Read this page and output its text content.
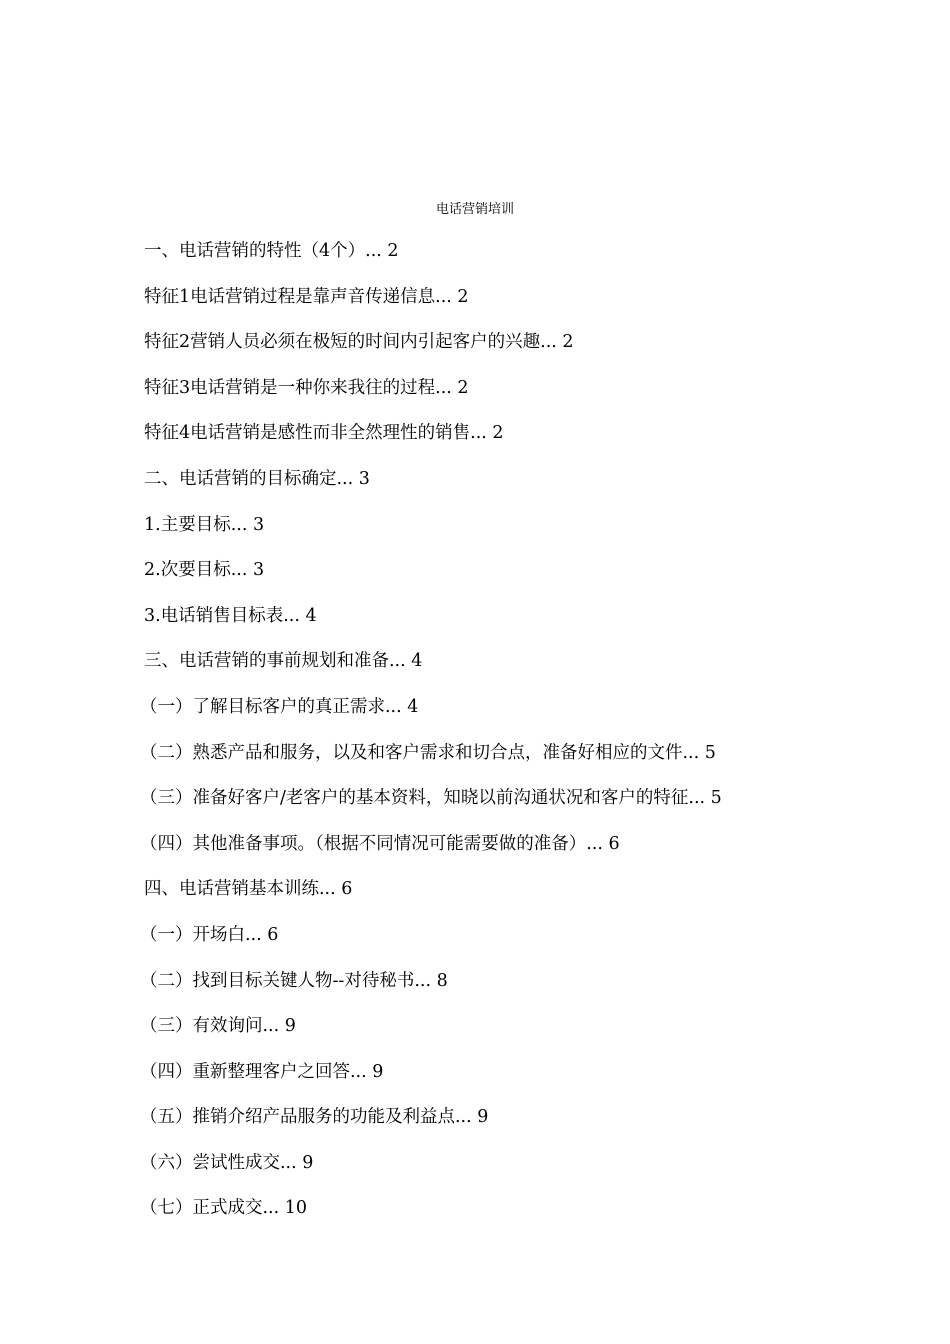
电话营销培训
一、电话营销的特性（4个）... 2
特征1电话营销过程是靠声音传递信息... 2
特征2营销人员必须在极短的时间内引起客户的兴趣... 2
特征3电话营销是一种你来我往的过程... 2
特征4电话营销是感性而非全然理性的销售... 2
二、电话营销的目标确定... 3
1.主要目标... 3
2.次要目标... 3
3.电话销售目标表... 4
三、电话营销的事前规划和准备... 4
（一）了解目标客户的真正需求... 4
（二）熟悉产品和服务，以及和客户需求和切合点，准备好相应的文件... 5
（三）准备好客户/老客户的基本资料，知晓以前沟通状况和客户的特征... 5
（四）其他准备事项。（根据不同情况可能需要做的准备）... 6
四、电话营销基本训练... 6
（一）开场白... 6
（二）找到目标关键人物--对待秘书... 8
（三）有效询问... 9
（四）重新整理客户之回答... 9
（五）推销介绍产品服务的功能及利益点... 9
（六）尝试性成交... 9
（七）正式成交... 10
